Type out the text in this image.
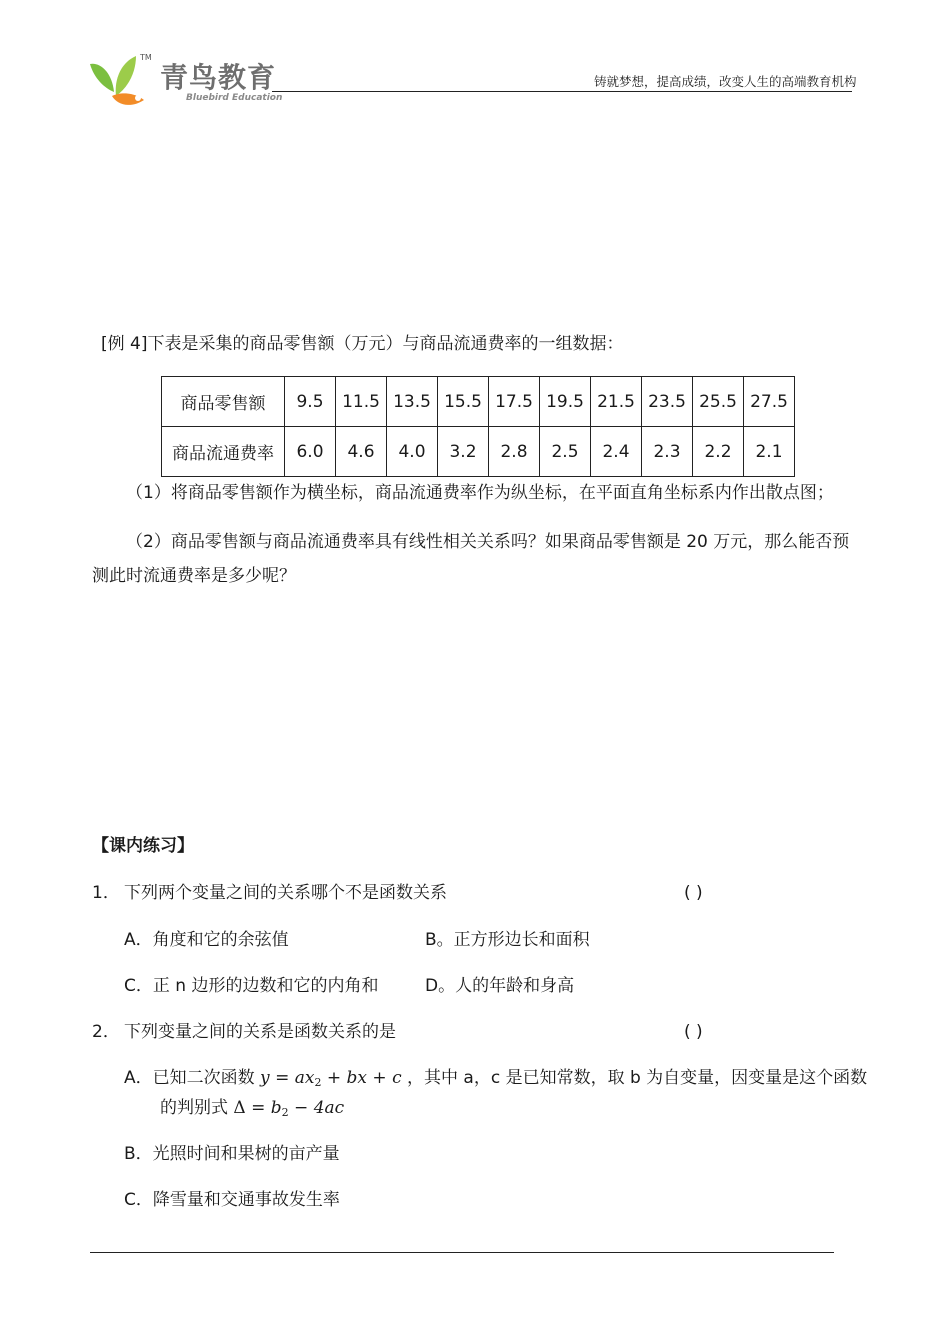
TM
青鸟教育
Bluebird Education
铸就梦想，提高成绩，改变人生的高端教育机构
[例 4]下表是采集的商品零售额（万元）与商品流通费率的一组数据：
商品零售额	9.5	11.5	13.5	15.5	17.5	19.5	21.5	23.5	25.5	27.5
商品流通费率	6.0	4.6	4.0	3.2	2.8	2.5	2.4	2.3	2.2	2.1
（1）将商品零售额作为横坐标，商品流通费率作为纵坐标，在平面直角坐标系内作出散点图；
（2）商品零售额与商品流通费率具有线性相关关系吗？如果商品零售额是 20 万元，那么能否预
测此时流通费率是多少呢？
【课内练习】
1． 下列两个变量之间的关系哪个不是函数关系	( )
A．角度和它的余弦值	B。正方形边长和面积
C．正 n 边形的边数和它的内角和	D。人的年龄和身高
2． 下列变量之间的关系是函数关系的是	( )
A．已知二次函数 $y = ax_2$ + bx + c ，其中 a，c 是已知常数，取 b 为自变量，因变量是这个函数
的判别式 $\Delta = b_2 - 4ac$
B．光照时间和果树的亩产量
C．降雪量和交通事故发生率
